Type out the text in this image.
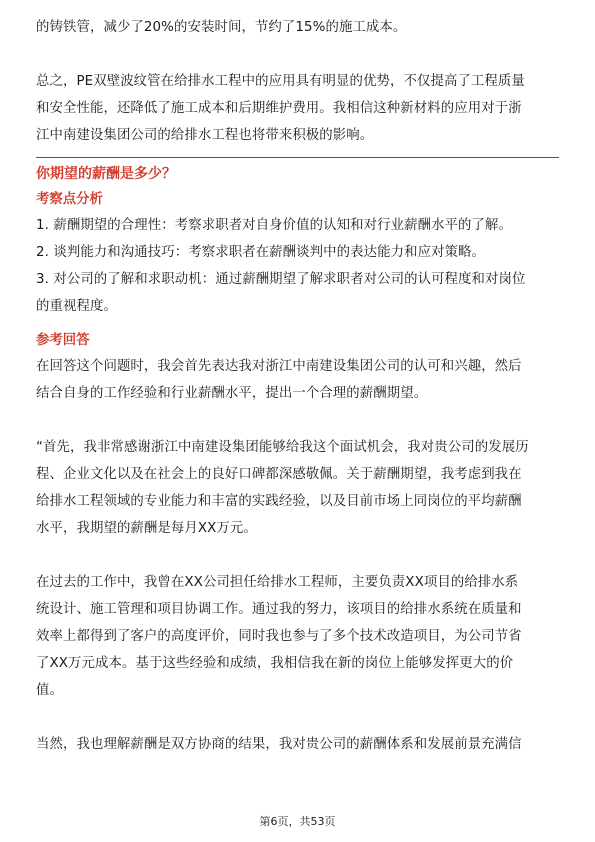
的铸铁管，减少了20%的安装时间，节约了15%的施工成本。

总之，PE双壁波纹管在给排水工程中的应用具有明显的优势，不仅提高了工程质量

和安全性能，还降低了施工成本和后期维护费用。我相信这种新材料的应用对于浙

江中南建设集团公司的给排水工程也将带来积极的影响。

你期望的薪酬是多少？
考察点分析

1. 薪酬期望的合理性：考察求职者对自身价值的认知和对行业薪酬水平的了解。

2. 谈判能力和沟通技巧：考察求职者在薪酬谈判中的表达能力和应对策略。

3. 对公司的了解和求职动机：通过薪酬期望了解求职者对公司的认可程度和对岗位

的重视程度。

参考回答

在回答这个问题时，我会首先表达我对浙江中南建设集团公司的认可和兴趣，然后

结合自身的工作经验和行业薪酬水平，提出一个合理的薪酬期望。

“首先，我非常感谢浙江中南建设集团能够给我这个面试机会，我对贵公司的发展历

程、企业文化以及在社会上的良好口碑都深感敬佩。关于薪酬期望，我考虑到我在

给排水工程领域的专业能力和丰富的实践经验，以及目前市场上同岗位的平均薪酬

水平，我期望的薪酬是每月XX万元。

在过去的工作中，我曾在XX公司担任给排水工程师，主要负责XX项目的给排水系

统设计、施工管理和项目协调工作。通过我的努力，该项目的给排水系统在质量和

效率上都得到了客户的高度评价，同时我也参与了多个技术改造项目，为公司节省

了XX万元成本。基于这些经验和成绩，我相信我在新的岗位上能够发挥更大的价

值。

当然，我也理解薪酬是双方协商的结果，我对贵公司的薪酬体系和发展前景充满信

第6页，共53页
